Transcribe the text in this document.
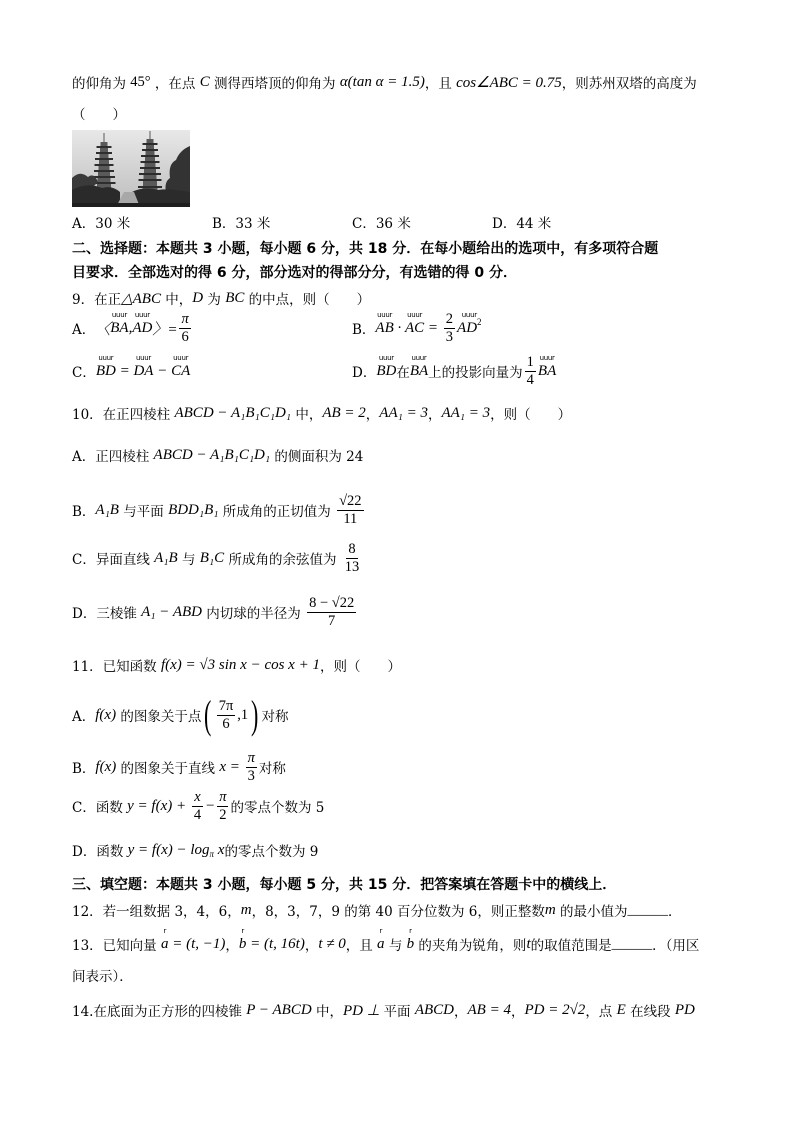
的仰角为 45° ，在点 C 测得西塔顶的仰角为 α(tan α = 1.5) ，且 cos∠ABC = 0.75 ，则苏州双塔的高度为
（　　）
A． 30 米	B． 33 米	C． 36 米	D． 44 米
二、选择题：本题共 3 小题，每小题 6 分，共 18 分．在每小题给出的选项中，有多项符合题
目要求．全部选对的得 6 分，部分选对的得部分分，有选错的得 0 分．
9．在正 △ABC 中， D 为 BC 的中点，则（　　）
A． 〈
uuur
BA ,
uuur
AD 〉= $\frac{\pi}{6}$	B．
uuur
AB ·
uuur
AC = $\frac{2}{3}$ uuur
$AD^2$
C．
uuur
BD =
uuur
DA −
uuur
CA	D．
uuur
BD 在
uuur
BA 上的投影向量为 $\frac{1}{4}$ uuur
BA
10．在正四棱柱 ABCD − A₁B₁C₁D₁ 中， AB = 2 ， AA₁ = 3 ， AA₁ = 3 ，则（　　）
A．正四棱柱 ABCD − A₁B₁C₁D₁ 的侧面积为 24
B． A₁B 与平面 BDD₁B₁ 所成角的正切值为 $\frac{√22}{11}$
C．异面直线 A₁B 与 B₁C 所成角的余弦值为 $\frac{8}{13}$
D．三棱锥 A₁ − ABD 内切球的半径为 $\frac{8 - √22}{7}$
11．已知函数 f(x) = √3 sin x − cos x + 1 ，则（　　）
A． f(x) 的图象关于点 ( $\frac{7\pi}{6} ,1$ ) 对称
B． f(x) 的图象关于直线 $x = \frac{\pi}{3}$ 对称
C．函数 $y = f(x) + \frac{x}{4} - \frac{\pi}{2}$ 的零点个数为 5
D．函数 y = f(x) − log π x 的零点个数为 9
三、填空题：本题共 3 小题，每小题 5 分，共 15 分．把答案填在答题卡中的横线上．
12．若一组数据 3，4，6， m ，8，3，7，9 的第 40 百分位数为 6，则正整数 m 的最小值为 ______ ．
13．已知向量
r
a = (t, −1) ，
r
b = (t, 16t) ， t ≠ 0 ，且
r
a 与
r
b 的夹角为锐角，则 t 的取值范围是 ______ ．（用区
间表示）．
14.在底面为正方形的四棱锥 P − ABCD 中， PD ⊥ 平面 ABCD ， AB = 4 ， PD = 2√2 ，点 E 在线段 PD
